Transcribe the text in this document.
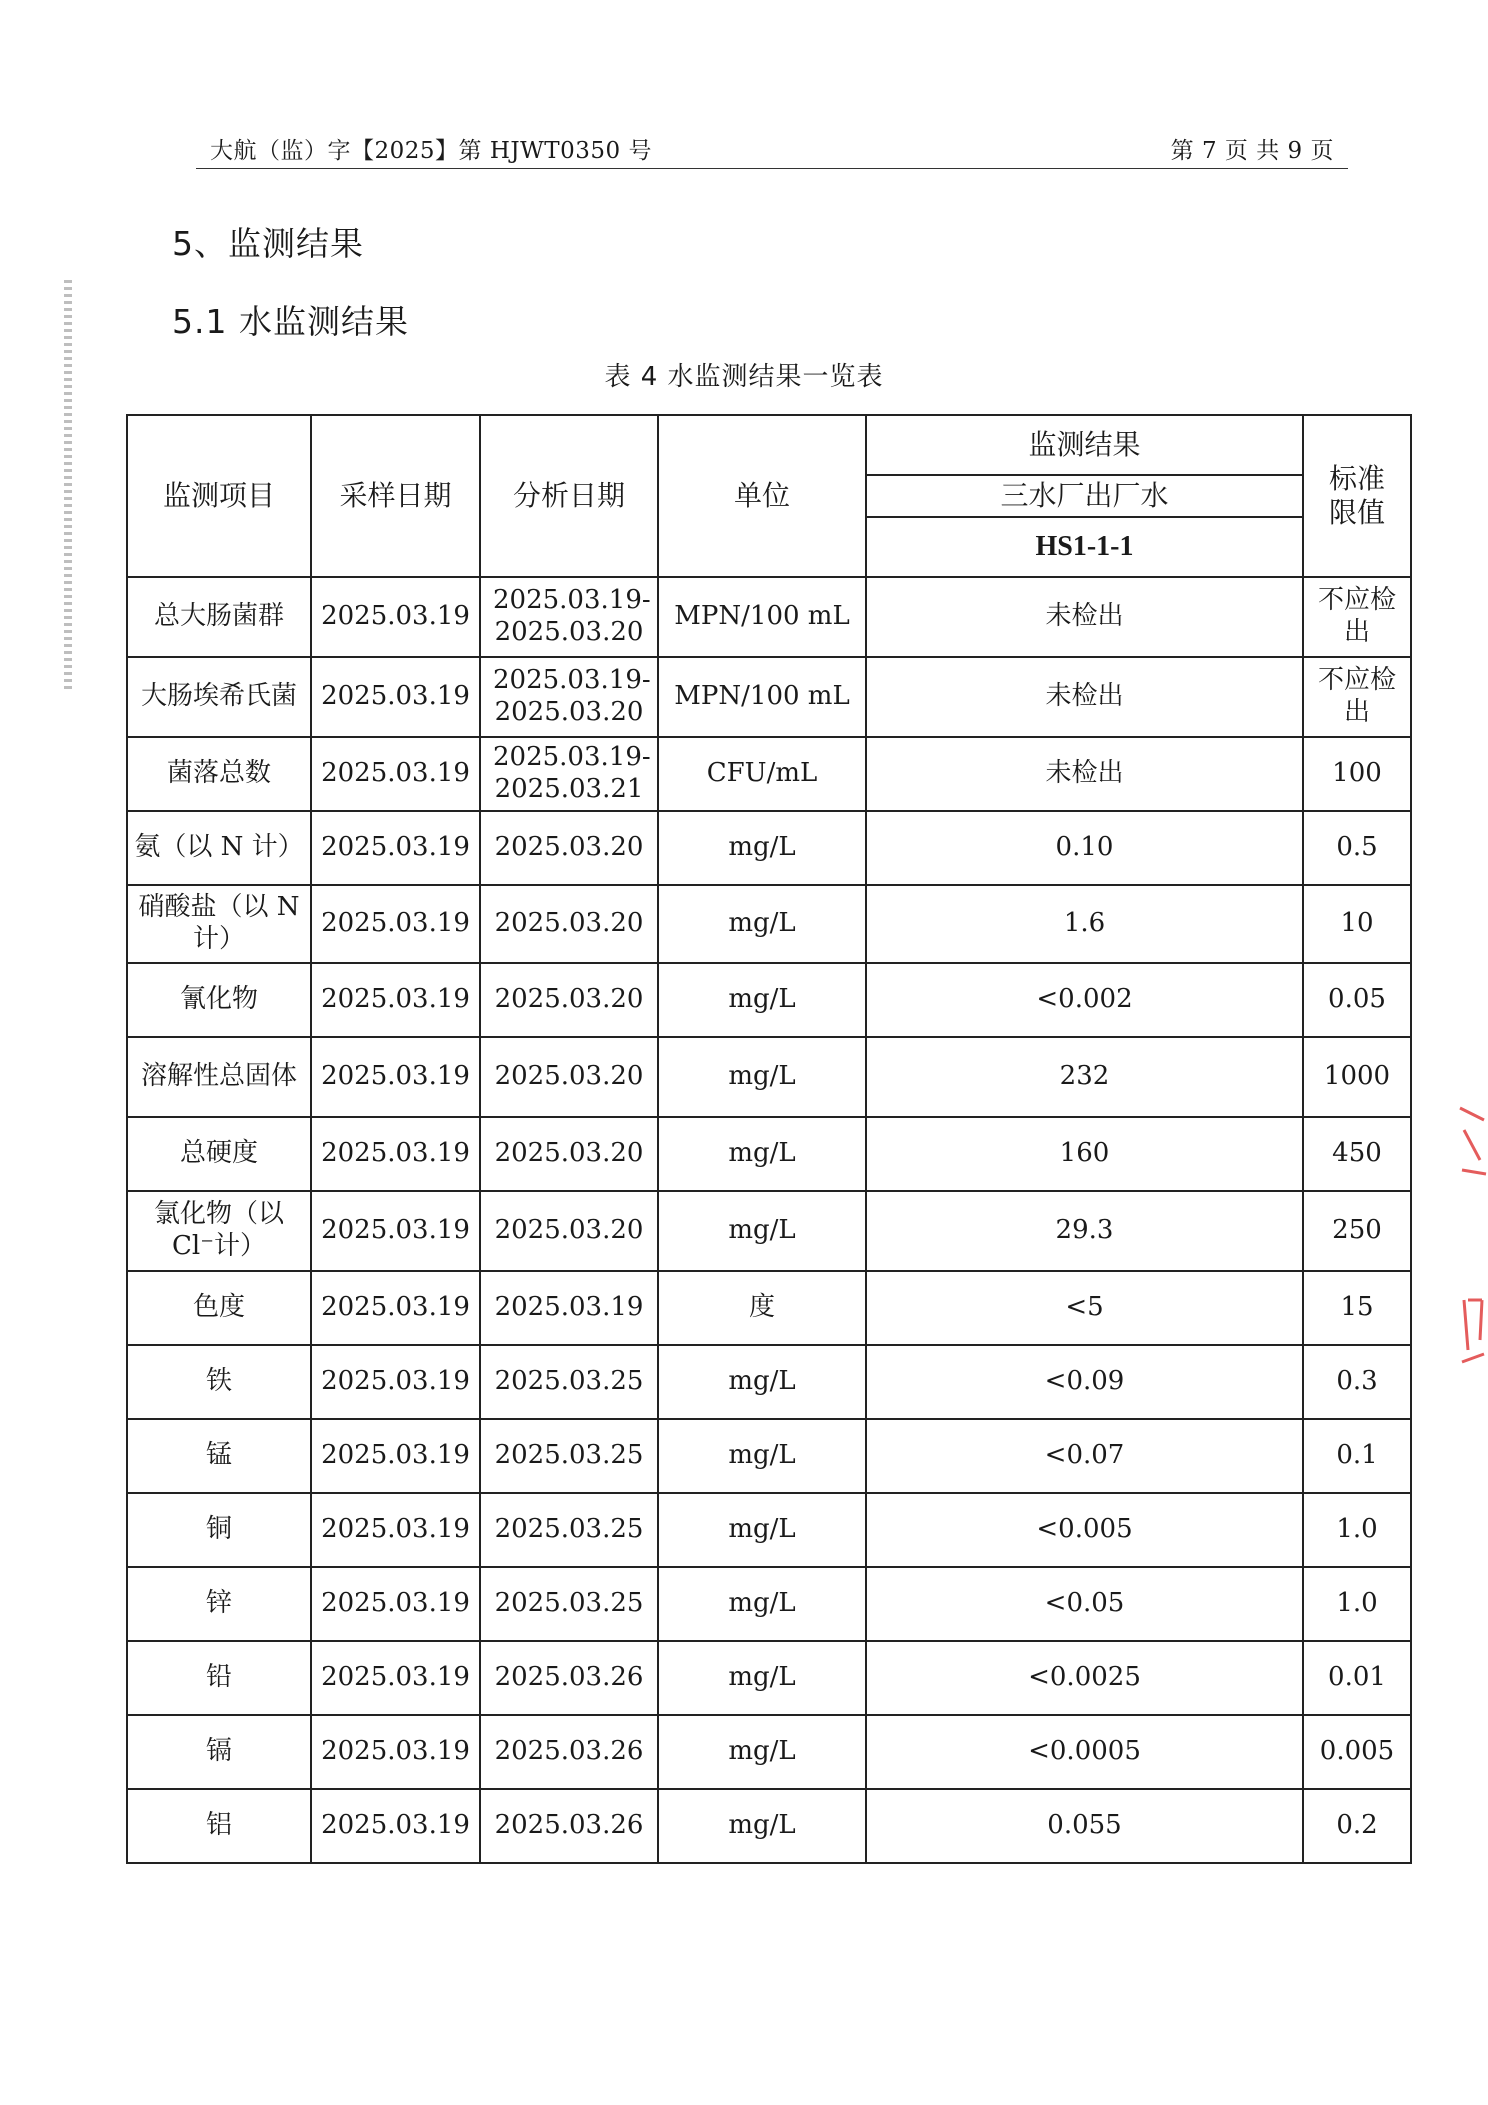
大航（监）字【2025】第 HJWT0350 号	第 7 页 共 9 页
5、监测结果
5.1 水监测结果
表 4 水监测结果一览表
监测项目	采样日期	分析日期	单位	监测结果	标准限值
				三水厂出厂水	
				HS1-1-1	
总大肠菌群	2025.03.19	2025.03.19-2025.03.20	MPN/100 mL	未检出	不应检出
大肠埃希氏菌	2025.03.19	2025.03.19-2025.03.20	MPN/100 mL	未检出	不应检出
菌落总数	2025.03.19	2025.03.19-2025.03.21	CFU/mL	未检出	100
氨（以 N 计）	2025.03.19	2025.03.20	mg/L	0.10	0.5
硝酸盐（以 N 计）	2025.03.19	2025.03.20	mg/L	1.6	10
氰化物	2025.03.19	2025.03.20	mg/L	<0.002	0.05
溶解性总固体	2025.03.19	2025.03.20	mg/L	232	1000
总硬度	2025.03.19	2025.03.20	mg/L	160	450
氯化物（以 Cl⁻计）	2025.03.19	2025.03.20	mg/L	29.3	250
色度	2025.03.19	2025.03.19	度	<5	15
铁	2025.03.19	2025.03.25	mg/L	<0.09	0.3
锰	2025.03.19	2025.03.25	mg/L	<0.07	0.1
铜	2025.03.19	2025.03.25	mg/L	<0.005	1.0
锌	2025.03.19	2025.03.25	mg/L	<0.05	1.0
铅	2025.03.19	2025.03.26	mg/L	<0.0025	0.01
镉	2025.03.19	2025.03.26	mg/L	<0.0005	0.005
铝	2025.03.19	2025.03.26	mg/L	0.055	0.2
